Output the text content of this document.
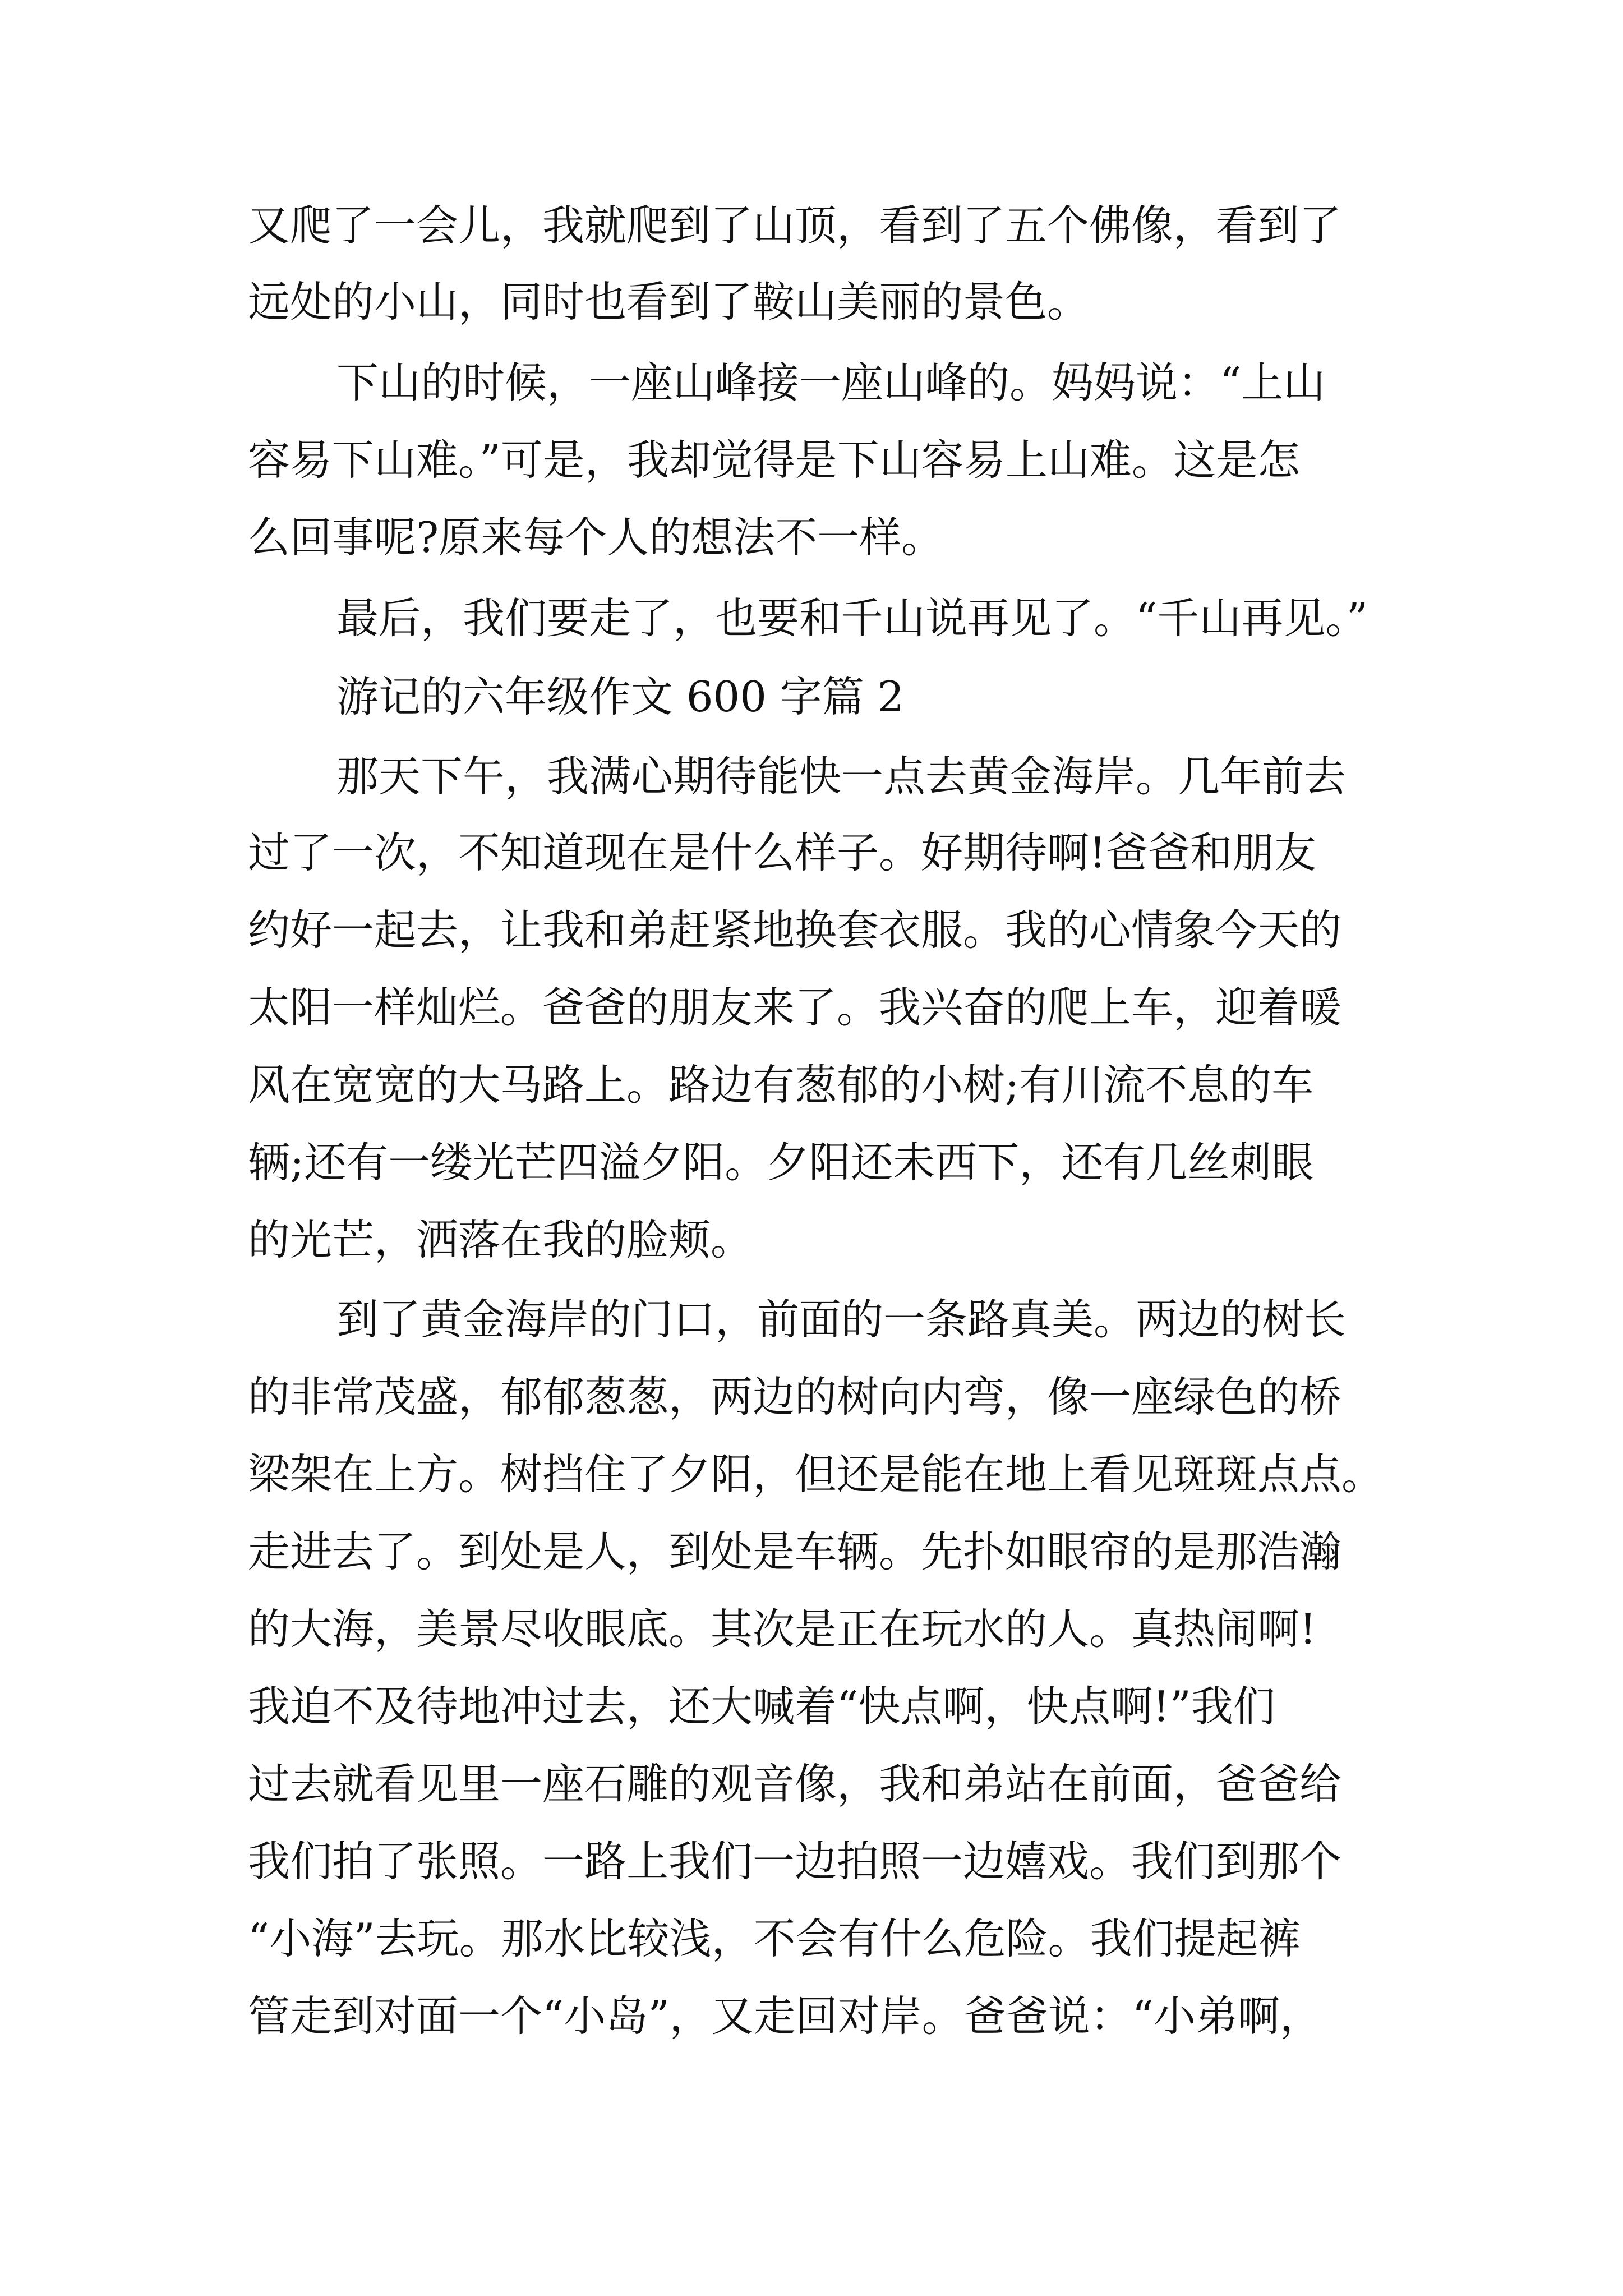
又爬了一会儿，我就爬到了山顶，看到了五个佛像，看到了

远处的小山，同时也看到了鞍山美丽的景色。

下山的时候，一座山峰接一座山峰的。妈妈说：“上山

容易下山难。”可是，我却觉得是下山容易上山难。这是怎

么回事呢?原来每个人的想法不一样。

最后，我们要走了，也要和千山说再见了。“千山再见。”

游记的六年级作文 600 字篇 2

那天下午，我满心期待能快一点去黄金海岸。几年前去

过了一次，不知道现在是什么样子。好期待啊!爸爸和朋友

约好一起去，让我和弟赶紧地换套衣服。我的心情象今天的

太阳一样灿烂。爸爸的朋友来了。我兴奋的爬上车，迎着暖

风在宽宽的大马路上。路边有葱郁的小树;有川流不息的车

辆;还有一缕光芒四溢夕阳。夕阳还未西下，还有几丝刺眼

的光芒，洒落在我的脸颊。

到了黄金海岸的门口，前面的一条路真美。两边的树长

的非常茂盛，郁郁葱葱，两边的树向内弯，像一座绿色的桥

梁架在上方。树挡住了夕阳，但还是能在地上看见斑斑点点。

走进去了。到处是人，到处是车辆。先扑如眼帘的是那浩瀚

的大海，美景尽收眼底。其次是正在玩水的人。真热闹啊!

我迫不及待地冲过去，还大喊着“快点啊，快点啊!”我们

过去就看见里一座石雕的观音像，我和弟站在前面，爸爸给

我们拍了张照。一路上我们一边拍照一边嬉戏。我们到那个

“小海”去玩。那水比较浅，不会有什么危险。我们提起裤

管走到对面一个“小岛”，又走回对岸。爸爸说：“小弟啊，
